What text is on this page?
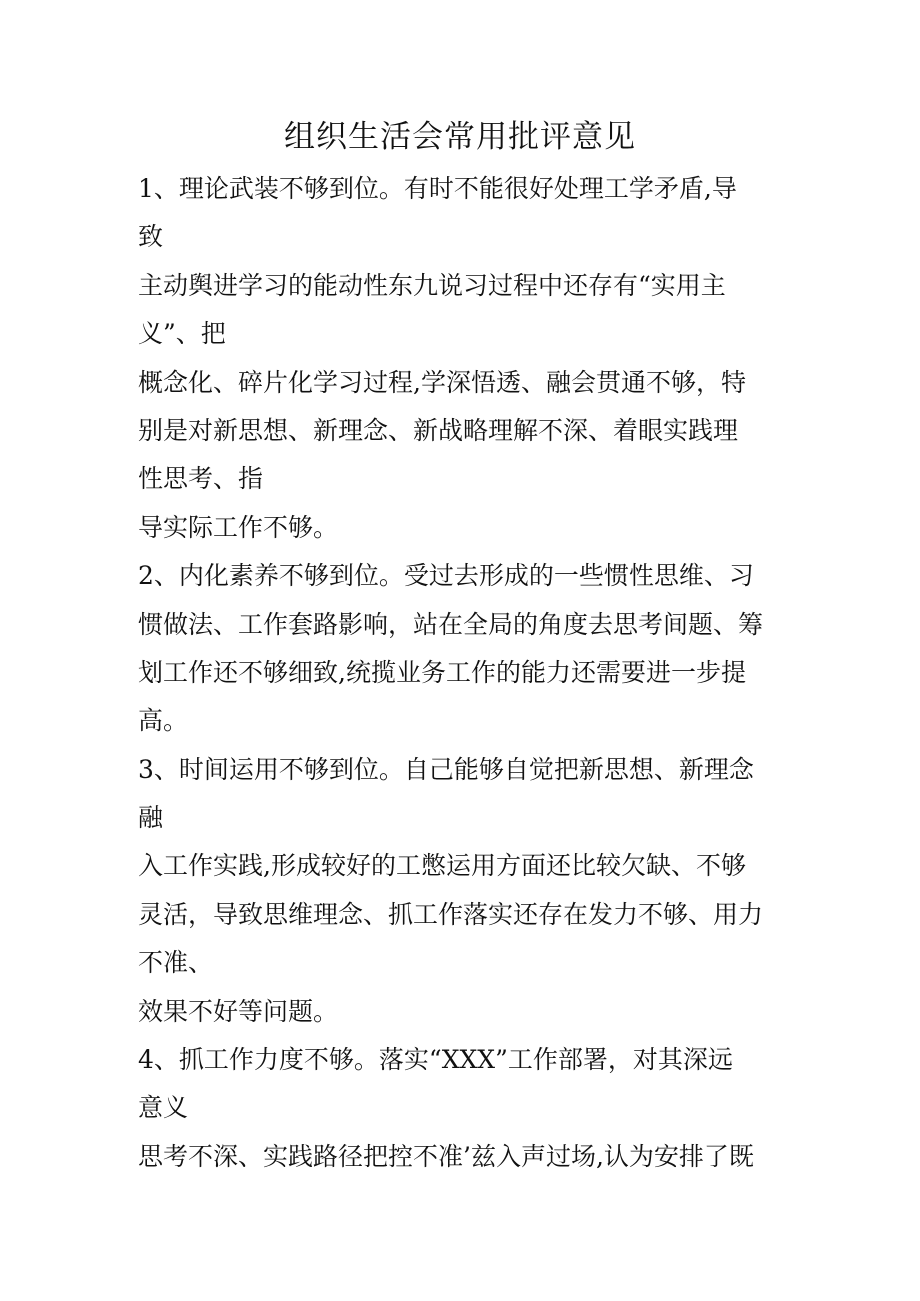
组织生活会常用批评意见
1、理论武装不够到位。有时不能很好处理工学矛盾,导
致
主动舆进学习的能动性东九说习过程中还存有“实用主
义”、把
概念化、碎片化学习过程,学深悟透、融会贯通不够，特
别是对新思想、新理念、新战略理解不深、着眼实践理
性思考、指
导实际工作不够。
2、内化素养不够到位。受过去形成的一些惯性思维、习
惯做法、工作套路影响，站在全局的角度去思考间题、筹
划工作还不够细致,统揽业务工作的能力还需要进一步提
高。
3、时间运用不够到位。自己能够自觉把新思想、新理念
融
入工作实践,形成较好的工憋运用方面还比较欠缺、不够
灵活，导致思维理念、抓工作落实还存在发力不够、用力
不准、
效果不好等问题。
4、抓工作力度不够。落实“XXX”工作部署，对其深远
意义
思考不深、实践路径把控不准’兹入声过场,认为安排了既
